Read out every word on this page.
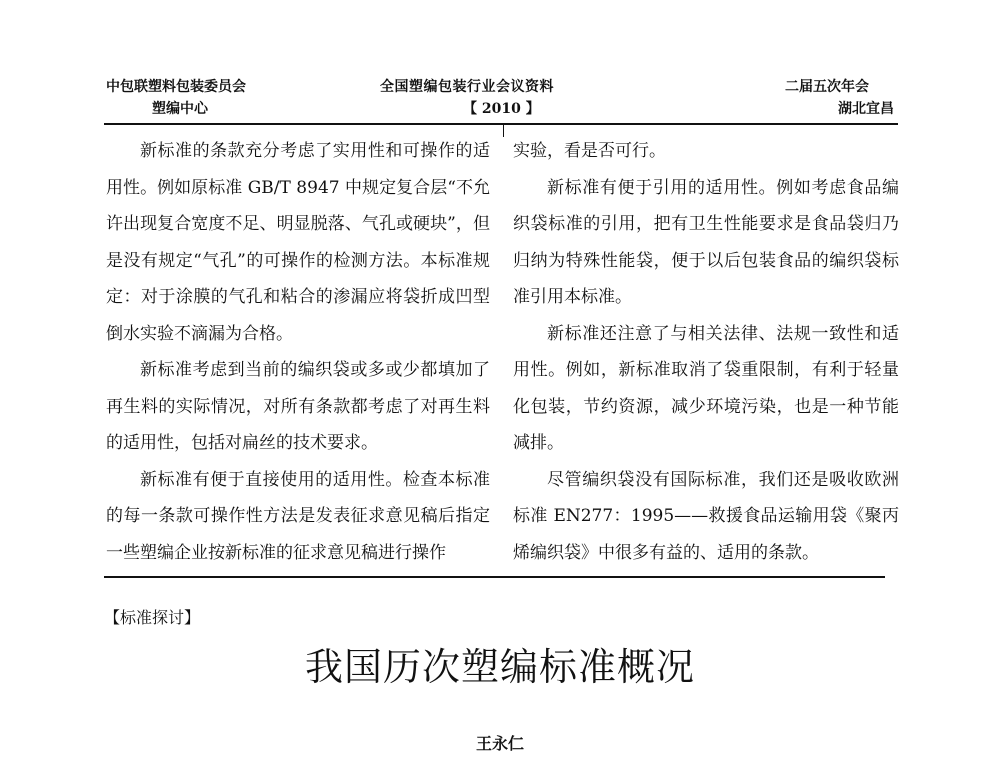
中包联塑料包装委员会
塑编中心
全国塑编包装行业会议资料
【 2010 】
二届五次年会
湖北宜昌

新标准的条款充分考虑了实用性和可操作的适用性。例如原标准 GB/T 8947 中规定复合层“不允许出现复合宽度不足、明显脱落、气孔或硬块”，但是没有规定“气孔”的可操作的检测方法。本标准规定：对于涂膜的气孔和粘合的渗漏应将袋折成凹型倒水实验不滴漏为合格。

新标准考虑到当前的编织袋或多或少都填加了再生料的实际情况，对所有条款都考虑了对再生料的适用性，包括对扁丝的技术要求。

新标准有便于直接使用的适用性。检查本标准的每一条款可操作性方法是发表征求意见稿后指定一些塑编企业按新标准的征求意见稿进行操作

实验，看是否可行。

新标准有便于引用的适用性。例如考虑食品编织袋标准的引用，把有卫生性能要求是食品袋归乃归纳为特殊性能袋，便于以后包装食品的编织袋标准引用本标准。

新标准还注意了与相关法律、法规一致性和适用性。例如，新标准取消了袋重限制，有利于轻量化包装，节约资源，减少环境污染，也是一种节能减排。

尽管编织袋没有国际标准，我们还是吸收欧洲标准 EN277：1995——救援食品运输用袋《聚丙烯编织袋》中很多有益的、适用的条款。

【标准探讨】
我国历次塑编标准概况
王永仁
